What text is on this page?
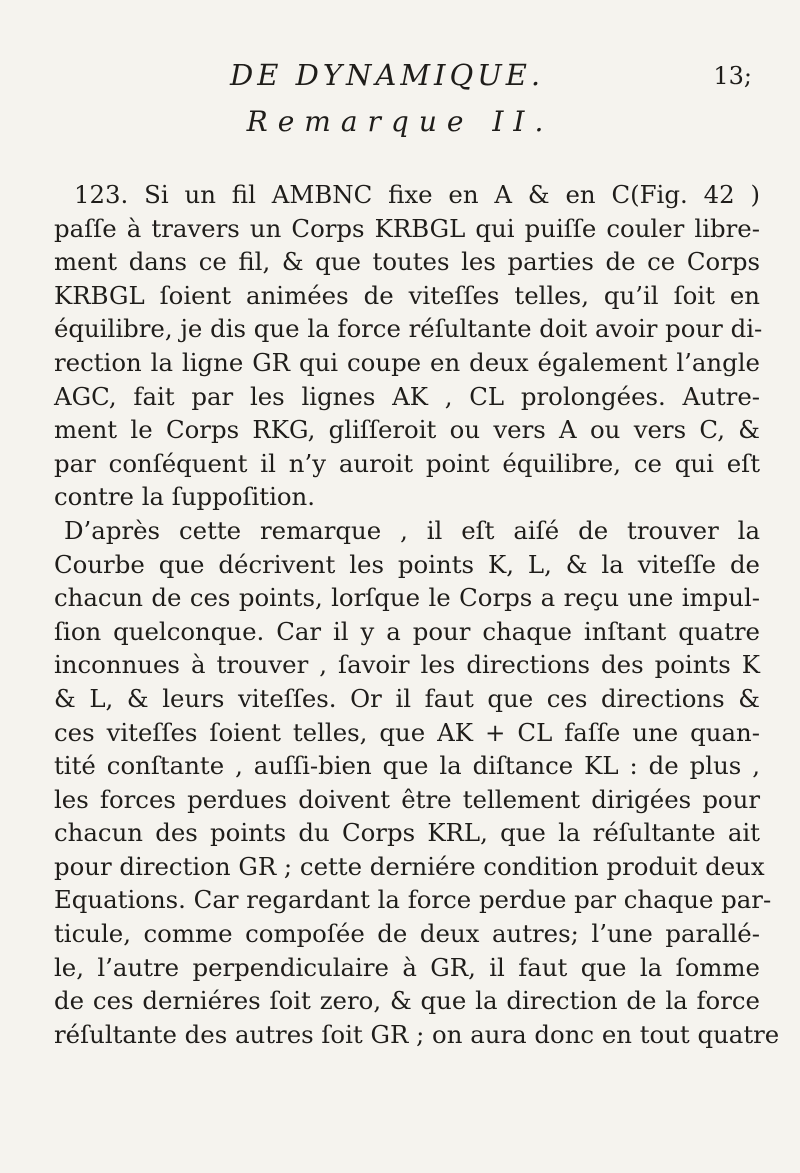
DE DYNAMIQUE.	13;
Remarque II.

123. Si un fil AMBNC fixe en A & en C(Fig. 42 )
paſſe à travers un Corps KRBGL qui puiſſe couler libre-
ment dans ce fil, & que toutes les parties de ce Corps
KRBGL ſoient animées de viteſſes telles, qu’il ſoit en
équilibre, je dis que la force réſultante doit avoir pour di-
rection la ligne GR qui coupe en deux également l’angle
AGC, fait par les lignes AK , CL prolongées. Autre-
ment le Corps RKG, gliſſeroit ou vers A ou vers C, &
par conſéquent il n’y auroit point équilibre, ce qui eſt
contre la ſuppoſition.

D’après cette remarque , il eſt aiſé de trouver la
Courbe que décrivent les points K, L, & la viteſſe de
chacun de ces points, lorſque le Corps a reçu une impul-
ſion quelconque. Car il y a pour chaque inſtant quatre
inconnues à trouver , ſavoir les directions des points K
& L, & leurs viteſſes. Or il faut que ces directions &
ces viteſſes ſoient telles, que AK + CL faſſe une quan-
tité conſtante , auſſi-bien que la diſtance KL : de plus ,
les forces perdues doivent être tellement dirigées pour
chacun des points du Corps KRL, que la réſultante ait
pour direction GR ; cette derniére condition produit deux
Equations. Car regardant la force perdue par chaque par-
ticule, comme compoſée de deux autres; l’une parallé-
le, l’autre perpendiculaire à GR, il faut que la ſomme
de ces derniéres ſoit zero, & que la direction de la force
réſultante des autres ſoit GR ; on aura donc en tout quatre
